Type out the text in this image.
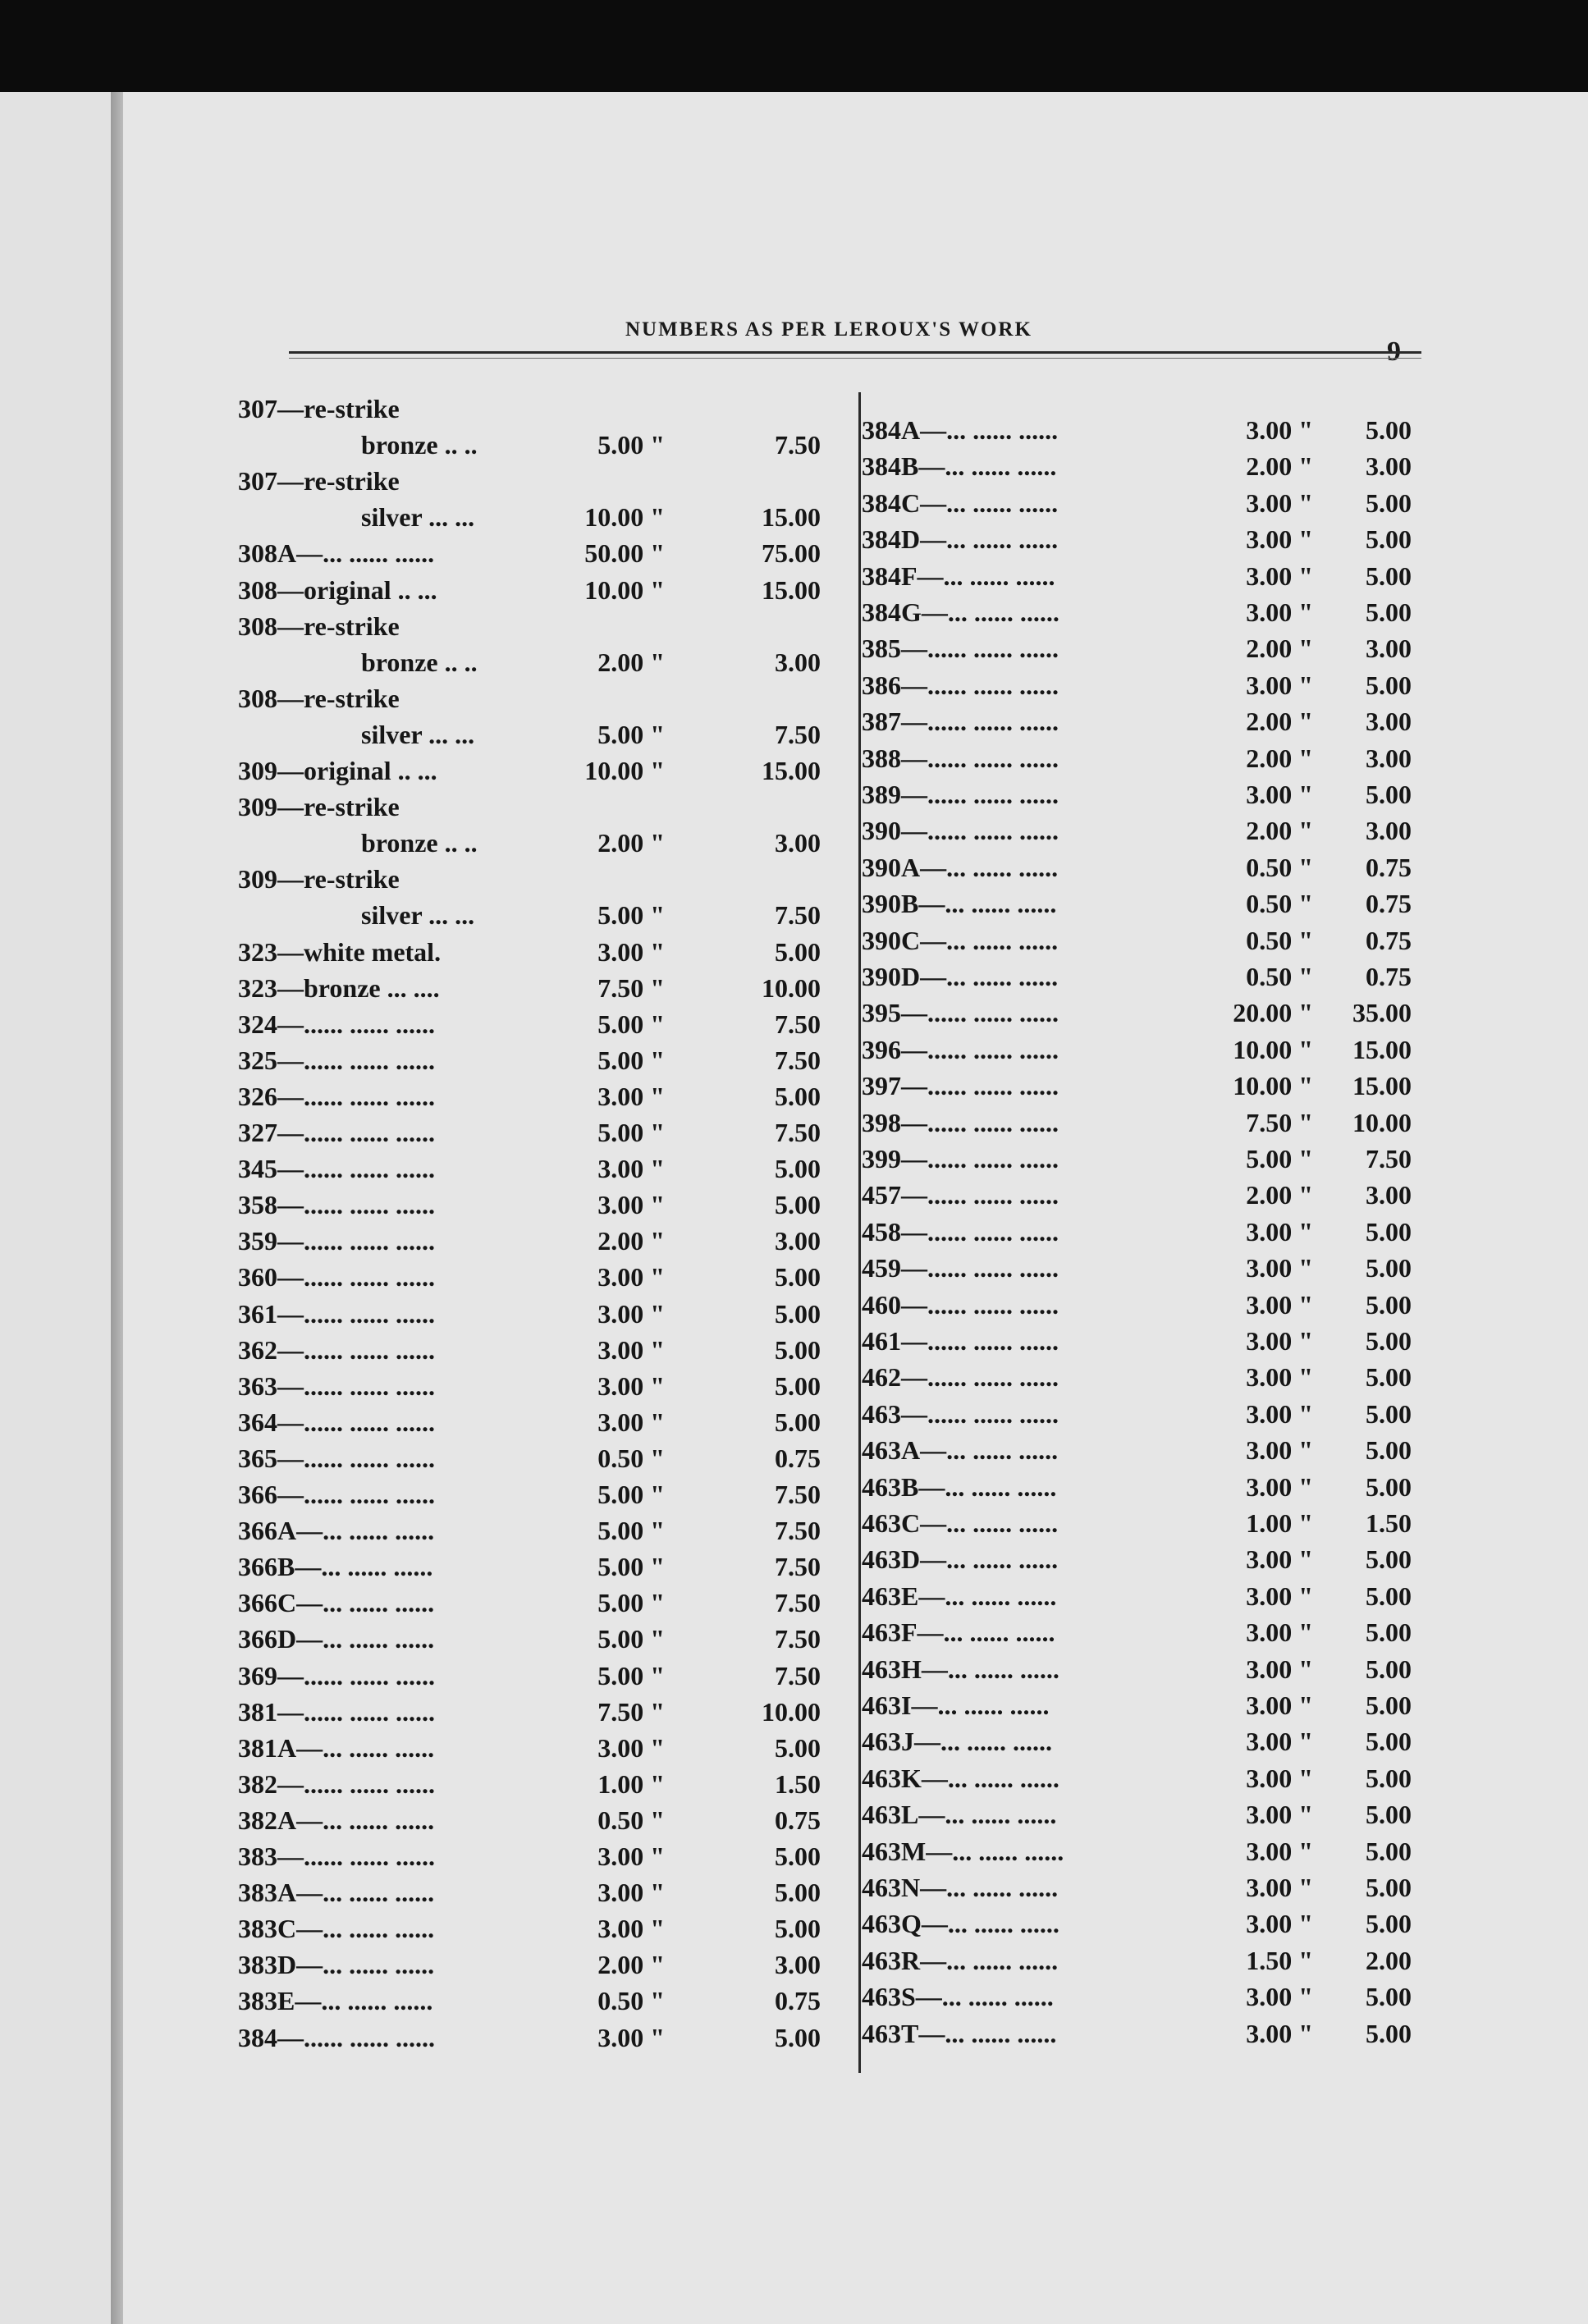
NUMBERS AS PER LEROUX'S WORK
307—re-strike
bronze .. ..	5.00 "	7.50
307—re-strike
silver ... ...	10.00 "	15.00
308A—... ...... ......	50.00 "	75.00
308—original .. ...	10.00 "	15.00
308—re-strike
bronze .. ..	2.00 "	3.00
308—re-strike
silver ... ...	5.00 "	7.50
309—original .. ...	10.00 "	15.00
309—re-strike
bronze .. ..	2.00 "	3.00
309—re-strike
silver ... ...	5.00 "	7.50
323—white metal.	3.00 "	5.00
323—bronze ... ....	7.50 "	10.00
324—...... ...... ......	5.00 "	7.50
325—...... ...... ......	5.00 "	7.50
326—...... ...... ......	3.00 "	5.00
327—...... ...... ......	5.00 "	7.50
345—...... ...... ......	3.00 "	5.00
358—...... ...... ......	3.00 "	5.00
359—...... ...... ......	2.00 "	3.00
360—...... ...... ......	3.00 "	5.00
361—...... ...... ......	3.00 "	5.00
362—...... ...... ......	3.00 "	5.00
363—...... ...... ......	3.00 "	5.00
364—...... ...... ......	3.00 "	5.00
365—...... ...... ......	0.50 "	0.75
366—...... ...... ......	5.00 "	7.50
366A—... ...... ......	5.00 "	7.50
366B—... ...... ......	5.00 "	7.50
366C—... ...... ......	5.00 "	7.50
366D—... ...... ......	5.00 "	7.50
369—...... ...... ......	5.00 "	7.50
381—...... ...... ......	7.50 "	10.00
381A—... ...... ......	3.00 "	5.00
382—...... ...... ......	1.00 "	1.50
382A—... ...... ......	0.50 "	0.75
383—...... ...... ......	3.00 "	5.00
383A—... ...... ......	3.00 "	5.00
383C—... ...... ......	3.00 "	5.00
383D—... ...... ......	2.00 "	3.00
383E—... ...... ......	0.50 "	0.75
384—...... ...... ......	3.00 "	5.00
384A—... ...... ......	3.00 "	5.00
384B—... ...... ......	2.00 "	3.00
384C—... ...... ......	3.00 "	5.00
384D—... ...... ......	3.00 "	5.00
384F—... ...... ......	3.00 "	5.00
384G—... ...... ......	3.00 "	5.00
385—...... ...... ......	2.00 "	3.00
386—...... ...... ......	3.00 "	5.00
387—...... ...... ......	2.00 "	3.00
388—...... ...... ......	2.00 "	3.00
389—...... ...... ......	3.00 "	5.00
390—...... ...... ......	2.00 "	3.00
390A—... ...... ......	0.50 "	0.75
390B—... ...... ......	0.50 "	0.75
390C—... ...... ......	0.50 "	0.75
390D—... ...... ......	0.50 "	0.75
395—...... ...... ......	20.00 "	35.00
396—...... ...... ......	10.00 "	15.00
397—...... ...... ......	10.00 "	15.00
398—...... ...... ......	7.50 "	10.00
399—...... ...... ......	5.00 "	7.50
457—...... ...... ......	2.00 "	3.00
458—...... ...... ......	3.00 "	5.00
459—...... ...... ......	3.00 "	5.00
460—...... ...... ......	3.00 "	5.00
461—...... ...... ......	3.00 "	5.00
462—...... ...... ......	3.00 "	5.00
463—...... ...... ......	3.00 "	5.00
463A—... ...... ......	3.00 "	5.00
463B—... ...... ......	3.00 "	5.00
463C—... ...... ......	1.00 "	1.50
463D—... ...... ......	3.00 "	5.00
463E—... ...... ......	3.00 "	5.00
463F—... ...... ......	3.00 "	5.00
463H—... ...... ......	3.00 "	5.00
463I—... ...... ......	3.00 "	5.00
463J—... ...... ......	3.00 "	5.00
463K—... ...... ......	3.00 "	5.00
463L—... ...... ......	3.00 "	5.00
463M—... ...... ......	3.00 "	5.00
463N—... ...... ......	3.00 "	5.00
463Q—... ...... ......	3.00 "	5.00
463R—... ...... ......	1.50 "	2.00
463S—... ...... ......	3.00 "	5.00
463T—... ...... ......	3.00 "	5.00
